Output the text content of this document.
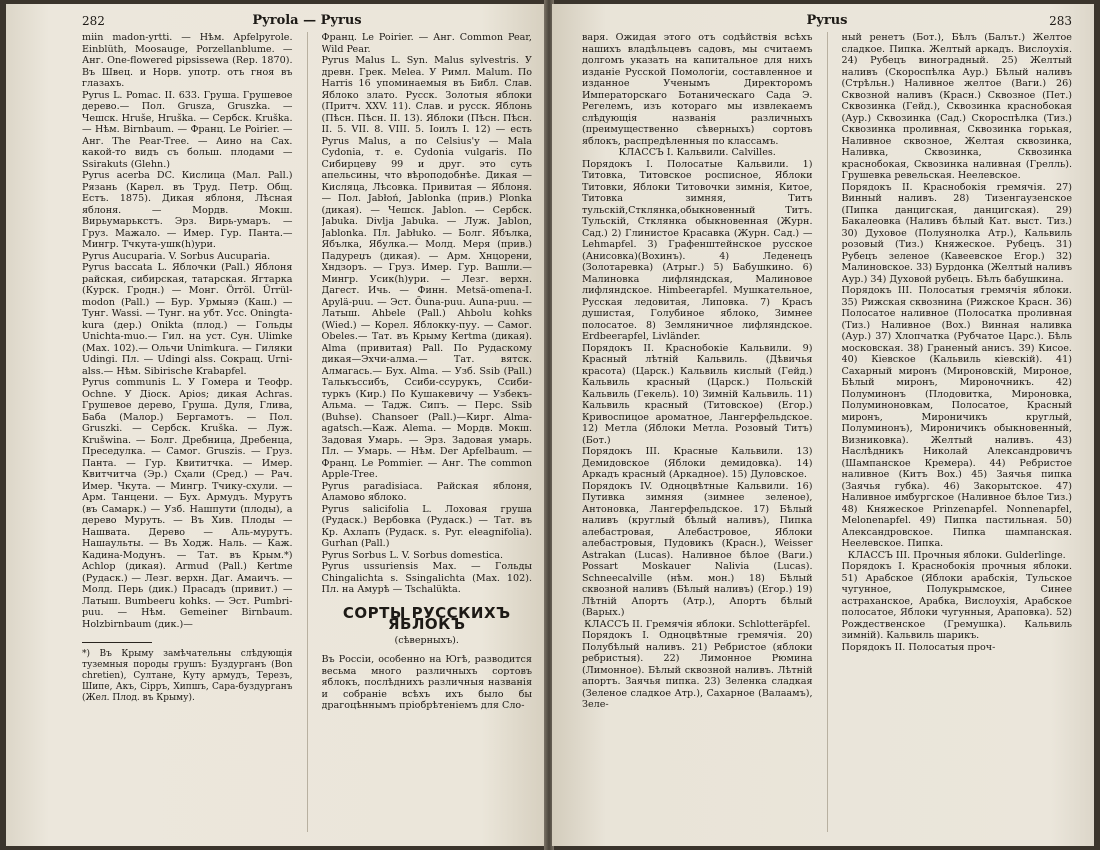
282	Pyrola — Pyrus

miin madon-yrtti. — Нѣм. Apfelpyrole. Einblüth, Moosauge, Porzellanblume. — Анг. One-flowered pipsissewa (Rep. 1870). Въ Швец. и Норв. употр. отъ гноя въ глазахъ.

Pyrus L. Pomac. II. 633. Груша. Грушевое дерево.— Пол. Grusza, Gruszka. — Чешск. Hruše, Hruška. — Сербск. Kruška. — Нѣм. Birnbaum. — Франц. Le Poirier. — Анг. The Pear-Tree. — Аино на Сах. какой-то видъ съ больш. плодами — Ssirakuts (Glehn.)

Pyrus acerba DC. Кислица (Мал. Pall.) Рязань (Карел. въ Труд. Петр. Общ. Естъ. 1875). Дикая яблоня, Лѣсная яблоня. — Мордв. Мокш. Вирьумарькстъ. Эрз. Вирь-умаръ. — Груз. Мажало. — Имер. Гур. Панта.— Мингр. Тчкута-ушк(h)ури.

Pyrus Aucuparia. V. Sorbus Aucuparia.

Pyrus baccata L. Яблочки (Pall.) Яблоня райская, сибирская, татарская. Ягтарка (Курск. Гродн.) — Монг. Örröl. Ürrül-modon (Pall.) — Бур. Урмыяэ (Каш.) — Тунг. Wassi. — Тунг. на убт. Усс. Oningta-kura (дер.) Onikta (плод.) — Гольды Unichta-muo.— Гил. на уст. Сун. Ulimke (Max. 102).— Ольчи Unimkura. — Гиляки Udingi. Пл. — Udingi alss. Сокращ. Urni-alss.— Нѣм. Sibirische Krabapfel.

Pyrus communis L. У Гомера и Теофр. Ochne. У Діоск. Apios; дикая Achras. Грушевое дерево, Груша. Дуля, Глива, Баба (Малор.) Бергамотъ. — Пол. Gruszki. — Сербск. Kruška. — Луж. Krušwina. — Болг. Дребница, Дребенца, Преседулка. — Самог. Gruszis. — Груз. Панта. — Гур. Квититчка. — Имер. Квитчитча (Эр.) Сҳали (Сред.) — Рач. Имер. Чкута. — Мингр. Тчику-схули. — Арм. Танцени. — Бух. Армудъ. Мурутъ (въ Самарк.) — Узб. Нашпути (плоды), а дерево Муруть. — Въ Хив. Плоды — Нашвата. Дерево — Аль-мурутъ. Нашаульты. — Въ Ходж. Наль. — Каж. Кадина-Модунъ. — Тат. въ Крым.*) Achlop (дикая). Armud (Pall.) Kertme (Рудаск.) — Лезг. верхн. Даг. Амаичъ. — Молд. Перь (дик.) Праcадъ (привит.) — Латыш. Bumbeeru kohks. — Эст. Pumbri-puu. — Нѣм. Gemeiner Birnbaum. Holzbirnbaum (дик.)—

*) Въ Крыму замѣчательны слѣдующія туземныя породы грушъ: Бyздурганъ (Bon chretien), Султане, Куту армудъ, Терезъ, Шипе, Акъ, Сiрръ, Хипшъ, Сара-буздурганъ (Жел. Плод. въ Крыму).

Франц. Le Poirier. — Анг. Common Pear, Wild Pear.

Pyrus Malus L. Syn. Malus sylvestris. У древн. Грек. Melea. У Римл. Malum. По Harris 16 упоминаемыя въ Библ. Слав. Яблоко злато. Русск. Золотыя яблоки (Притч. XXV. 11). Слав. и русск. Яблонь (Пѣсн. Пѣсн. II. 13). Яблоки (Пѣсн. Пѣсн. II. 5. VII. 8. VIII. 5. Іоилъ I. 12) — есть Pyrus Malus, а по Celsius'у — Mala Cydonia, т. е. Cydonia vulgaris. По Сибирцеву 99 и друг. это суть апельсины, что вѣроподобнѣе. Дикая — Кисляца, Лѣсовка. Привитая — Яблоня. — Пол. Jabłoń, Jablonka (прив.) Plonka (дикая). — Чешск. Jablon. — Сербск. Jabuka. Divlja Jabuka. — Луж. Jablon, Jablonka. Пл. Jabłuko. — Болг. Ябълка, Ябълка, Ябулка.— Молд. Меря (прив.) Падуреџъ (дикая). — Арм. Хнцорени, Хндзоръ. — Груз. Имер. Гур. Вашли.— Мингр. Усик(h)ури. — Лезг. верхн. Дагест. Ичь. — Финн. Metsä-omena-I. Apylä-puu. — Эст. Õuna-puu. Auna-puu. — Латыш. Ahbele (Pall.) Ahbolu kohks (Wied.) — Корел. Яблокку-пуу. — Самог. Obeles.— Тат. въ Крыму Kertma (дикая). Alma (привитая) Pall. По Рудаскому дикая—Эхчи-алма.— Тат. вятск. Алмагась.— Бух. Alma. — Узб. Ssib (Pall.) Талькъссибъ, Ссиби-ссурукъ, Ссиби-туркъ (Кир.) По Кушакевичу — Узбекъ-Альма. — Тадж. Сипъ. — Перс. Ssib (Buhse). Chansoer (Pall.)—Кирг. Alma-agatsch.—Каж. Alema. — Мордв. Мокш. Задовая Умарь. — Эрз. Задовая умарь. Пл. — Умарь. — Нѣм. Der Apfelbaum. — Франц. Le Pommier. — Анг. The common Apple-Tree.

Pyrus paradisiaca. Райская яблоня, Аламово яблоко.

Pyrus salicifolia L. Лоховая груша (Рудаск.) Вербовка (Рудаск.) — Тат. въ Кр. Ахлапъ (Рудаск. s. Pyr. eleagnifolia). Gurhan (Pall.)

Pyrus Sorbus L. V. Sorbus domestica.

Pyrus ussuriensis Max. — Гольды Chingalichta s. Ssingalichta (Max. 102). Пл. на Амурѣ — Tschalükta.

СОРТЫ РУССКИХЪ ЯБЛОКЪ
(сѣверныхъ).

Въ Россіи, особенно на Югѣ, разводится весьма много различныхъ сортовъ яблокъ, послѣднихъ различныя названія и собраніе всѣхъ ихъ было бы драгоцѣннымъ пріобрѣтеніемъ для Сло-

Pyrus	283

варя. Ожидая этого отъ содѣйствія всѣхъ нашихъ владѣльцевъ садовъ, мы считаемъ долгомъ указать на капитальное для нихъ изданіе Русской Помологіи, составленное и изданное Ученымъ Директоромъ Императорскаго Ботаническаго Сада Э. Регелемъ, изъ котораго мы извлекаемъ слѣдующія названія различныхъ (преимущественно сѣверныхъ) сортовъ яблокъ, распредѣленныя по классамъ.

КЛАССЪ I. Кальвили. Calvilles.

Порядокъ I. Полосатые Кальвили. 1) Титовка, Титовское росписное, Яблоки Титовки, Яблоки Титовочки зимнія, Китое, Титовка зимняя, Титъ тульскій,Стклянка,обыкновенный Титъ. Тульскій, Стклянка обыкновенная (Журн. Сад.) 2) Глинистое Красавка (Журн. Сад.) — Lehmapfel. 3) Графенштейнское русское (Анисовка)(Вохинъ). 4) Леденецъ (Золотаревка) (Атрыг.) 5) Бабушкино. 6) Малиновка лифляндская, Малиновое лифляндское. Himbeerapfel. Мушкательное, Русская ледовитая, Липовка. 7) Красъ душистая, Голубиное яблоко, Зимнее полосатое. 8) Земляничное лифляндское. Erdbeerapfel, Livländer.

Порядокъ II. Краснобокіе Кальвили. 9) Красный лѣтній Кальвиль. (Дѣвичья красота) (Царск.) Кальвиль кислый (Гейд.) Кальвиль красный (Царск.) Польскій Кальвиль (Гекель). 10) Зимній Кальвиль. 11) Кальвиль красный (Титовское) (Егор.) Кривоспицое ароматное, Лангерфельдское. 12) Метла (Яблоки Метла. Розовый Титъ) (Бот.)

Порядокъ III. Красные Кальвили. 13) Демидовское (Яблоки демидовка). 14) Аркадъ красный (Аркадное). 15) Дуловское.

Порядокъ IV. Одноцвѣтные Кальвили. 16) Путивка зимняя (зимнее зеленое), Антоновка, Лангерфельдское. 17) Бѣлый наливъ (круглый бѣлый наливъ), Пипка алебастровая, Алебастровое, Яблоки алебастровыя, Пудовикъ (Красн.), Weisser Astrakan (Lucas). Наливное бѣлое (Ваги.) Possart Moskauer Nalivia (Lucas). Schneecalville (нѣм. мон.) 18) Бѣлый сквозной наливъ (Бѣлый наливъ) (Егор.) 19) Лѣтній Апортъ (Атр.), Апортъ бѣлый (Варых.)

КЛАССЪ II. Гремячія яблоки. Schlotteräpfel.

Порядокъ I. Одноцвѣтные гремячія. 20) Полубѣлый наливъ. 21) Ребристое (яблоки ребристыя). 22) Лимонное Рюмина (Лимонное). Бѣлый сквозной наливъ. Лѣтній апортъ. Заячья пипка. 23) Зеленка сладкая (Зеленое сладкое Атр.), Сахарное (Валаамъ), Зеле-

ный ренетъ (Бот.), Бѣлъ (Балът.) Желтое сладкое. Пипка. Желтый аркадъ. Вислоухія. 24) Рубецъ виноградный. 25) Желтый наливъ (Скороспѣлка Аур.) Бѣлый наливъ (Стрѣльн.) Наливное желтое (Ваги.) 26) Сквозной наливъ (Красн.) Сквозное (Пет.) Сквозинка (Гейд.), Сквозинка краснобокая (Аур.) Сквозинка (Сад.) Скороспѣлка (Тиз.) Сквозинка проливная, Сквозинка горькая, Наливное сквозное, Желтая сквозинка, Наливка, Сквозинка, Сквозинка краснобокая, Сквозинка наливная (Грелль). Грушевка ревельская. Неелeвское.

Порядокъ II. Краснобокія гремячія. 27) Винный наливъ. 28) Тизенгаузенское (Пипка данцигская, данцигская). 29) Бакалеовка (Наливъ бѣлый Кат. выст. Тиз.) 30) Духовое (Полуянолка Атр.), Кальвиль розовый (Тиз.) Княжеское. Рубецъ. 31) Рубецъ зеленое (Кавеевское Егор.) 32) Малиновское. 33) Бурдонка (Желтый наливъ Аур.) 34) Духовой рубецъ. Бѣлъ бабушкина.

Порядокъ III. Полосатыя гремячія яблоки. 35) Рижская сквознина (Рижское Красн. 36) Полосатое наливное (Полосатка проливная (Тиз.) Наливное (Вох.) Винная наливка (Аур.) 37) Хлопчатка (Рубчатое Царс.). Бѣль московская. 38) Граненый анисъ. 39) Кисое. 40) Кіевское (Кальвиль кіевскій). 41) Сахарный миронъ (Мироновскій, Мироное, Бѣлый миронъ, Мироночникъ. 42) Полуминонъ (Плодовитка, Мироновка, Полуминоновкам, Полосатое, Красный миронъ, Мироничикъ круглый, Полуминонъ), Мироничикъ обыкновенный, Визниковка). Желтый наливъ. 43) Наслѣдникъ Николай Александровичъ (Шампанское Кремера). 44) Ребристое наливное (Китъ Вох.) 45) Заячья пипка (Заячья губка). 46) Закорытское. 47) Наливное имбургское (Наливное бѣлое Тиз.) 48) Княжеское Prinzenapfel. Nonnenapfel, Melonenapfel. 49) Пипка пастильная. 50) Александровское. Пипка шампанская. Неелевское. Пипка.

КЛАССЪ III. Прочныя яблоки. Gulderlinge.

Порядокъ I. Краснобокія прочныя яблоки. 51) Арабское (Яблоки арабскія, Тульское чугунное, Полукрымское, Синее астраханское, Арабка, Вислоухія, Арабское полосатое, Яблоки чугунныя, Араповка). 52) Рождественское (Гремушка). Кальвиль зимній). Кальвиль шарикъ.

Порядокъ II. Полосатыя проч-
